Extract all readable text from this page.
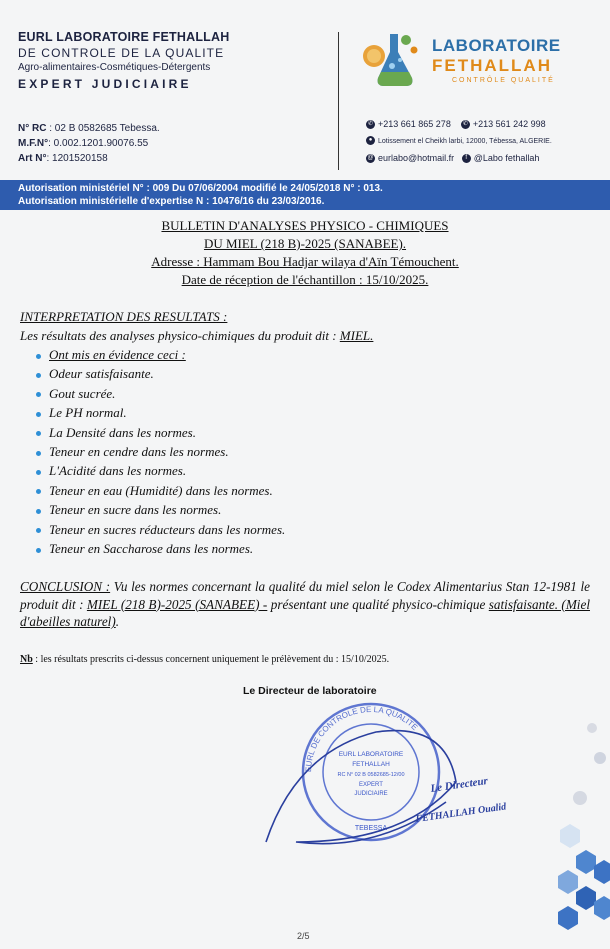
EURL LABORATOIRE FETHALLAH
DE CONTROLE DE LA QUALITE
Agro-alimentaires-Cosmétiques-Détergents
EXPERT JUDICIAIRE
N° RC : 02 B 0582685 Tebessa.
M.F.N°: 0.002.1201.90076.55
Art N°: 1201520158
LABORATOIRE
FETHALLAH
CONTRÔLE QUALITÉ
✆ +213 661 865 278 ✆ +213 561 242 998
● Lotissement el Cheikh larbi, 12000, Tébessa, ALGERIE.
@ eurlabo@hotmail.fr f @Labo fethallah
Autorisation ministériel N° : 009 Du 07/06/2004 modifié le 24/05/2018 N° : 013.
Autorisation ministérielle d'expertise N : 10476/16 du 23/03/2016.
BULLETIN D'ANALYSES PHYSICO - CHIMIQUES
DU MIEL (218 B)-2025 (SANABEE).
Adresse : Hammam Bou Hadjar wilaya d'Aïn Témouchent.
Date de réception de l'échantillon : 15/10/2025.
INTERPRETATION DES RESULTATS :
Les résultats des analyses physico-chimiques du produit dit : MIEL.
Ont mis en évidence ceci :
Odeur satisfaisante.
Gout sucrée.
Le PH normal.
La Densité dans les normes.
Teneur en cendre dans les normes.
L'Acidité dans les normes.
Teneur en eau (Humidité) dans les normes.
Teneur en sucre dans les normes.
Teneur en sucres réducteurs dans les normes.
Teneur en Saccharose dans les normes.
CONCLUSION : Vu les normes concernant la qualité du miel selon le Codex Alimentarius Stan 12-1981 le produit dit : MIEL (218 B)-2025 (SANABEE) - présentant une qualité physico-chimique satisfaisante. (Miel d'abeilles naturel).
Nb : les résultats prescrits ci-dessus concernent uniquement le prélèvement du : 15/10/2025.
Le Directeur de laboratoire
EURL DE CONTROLE DE LA QUALITE
EURL LABORATOIRE
FETHALLAH
RC N° 02 B 0582685-12/00
EXPERT
JUDICIAIRE
TEBESSA
Le Directeur
FETHALLAH Oualid
2/5
